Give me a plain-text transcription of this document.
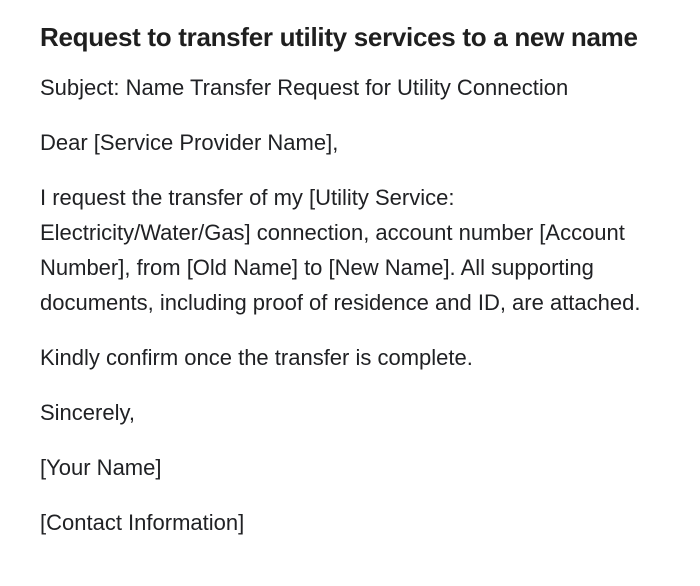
Request to transfer utility services to a new name

Subject: Name Transfer Request for Utility Connection

Dear [Service Provider Name],

I request the transfer of my [Utility Service: Electricity/Water/Gas] connection, account number [Account Number], from [Old Name] to [New Name]. All supporting documents, including proof of residence and ID, are attached.

Kindly confirm once the transfer is complete.

Sincerely,

[Your Name]

[Contact Information]
